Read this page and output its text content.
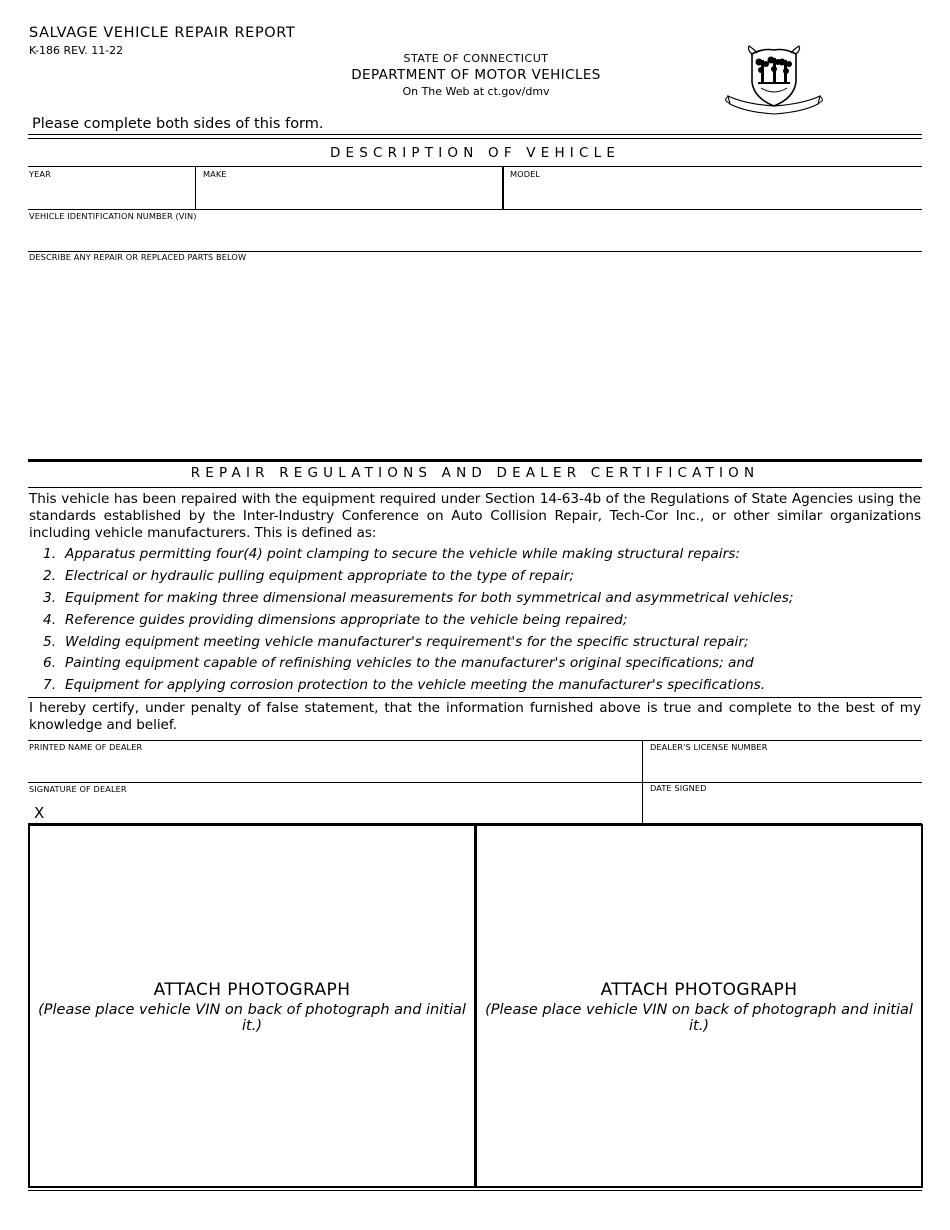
SALVAGE VEHICLE REPAIR REPORT
K-186 REV. 11-22
STATE OF CONNECTICUT
DEPARTMENT OF MOTOR VEHICLES
On The Web at ct.gov/dmv
Please complete both sides of this form.
DESCRIPTION OF VEHICLE
YEAR	MAKE	MODEL
VEHICLE IDENTIFICATION NUMBER (VIN)
DESCRIBE ANY REPAIR OR REPLACED PARTS BELOW
REPAIR REGULATIONS AND DEALER CERTIFICATION
This vehicle has been repaired with the equipment required under Section 14-63-4b of the Regulations of State Agencies using the standards established by the Inter-Industry Conference on Auto Collision Repair, Tech-Cor Inc., or other similar organizations including vehicle manufacturers. This is defined as:
1. Apparatus permitting four(4) point clamping to secure the vehicle while making structural repairs:
2. Electrical or hydraulic pulling equipment appropriate to the type of repair;
3. Equipment for making three dimensional measurements for both symmetrical and asymmetrical vehicles;
4. Reference guides providing dimensions appropriate to the vehicle being repaired;
5. Welding equipment meeting vehicle manufacturer's requirement's for the specific structural repair;
6. Painting equipment capable of refinishing vehicles to the manufacturer's original specifications; and
7. Equipment for applying corrosion protection to the vehicle meeting the manufacturer's specifications.
I hereby certify, under penalty of false statement, that the information furnished above is true and complete to the best of my knowledge and belief.
PRINTED NAME OF DEALER	DEALER'S LICENSE NUMBER
SIGNATURE OF DEALER
X
DATE SIGNED
ATTACH PHOTOGRAPH
(Please place vehicle VIN on back of photograph and initial it.)
ATTACH PHOTOGRAPH
(Please place vehicle VIN on back of photograph and initial it.)
